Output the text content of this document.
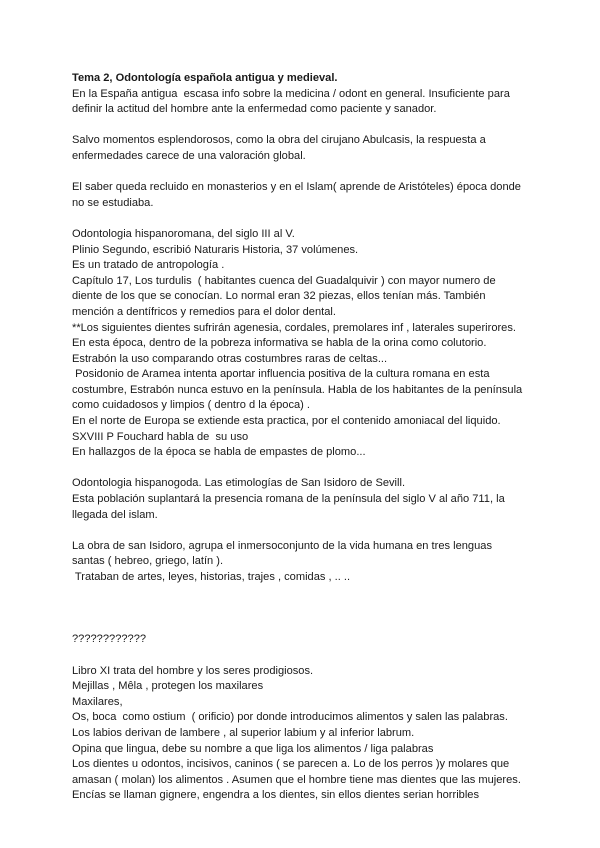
Tema 2, Odontología española antigua y medieval.
En la España antigua  escasa info sobre la medicina / odont en general. Insuficiente para
definir la actitud del hombre ante la enfermedad como paciente y sanador.
Salvo momentos esplendorosos, como la obra del cirujano Abulcasis, la respuesta a
enfermedades carece de una valoración global.
El saber queda recluido en monasterios y en el Islam( aprende de Aristóteles) época donde
no se estudiaba.
Odontologia hispanoromana, del siglo III al V.
Plinio Segundo, escribió Naturaris Historia, 37 volúmenes.
Es un tratado de antropología .
Capítulo 17, Los turdulis  ( habitantes cuenca del Guadalquivir ) con mayor numero de
diente de los que se conocían. Lo normal eran 32 piezas, ellos tenían más. También
mención a dentífricos y remedios para el dolor dental.
**Los siguientes dientes sufrirán agenesia, cordales, premolares inf , laterales superirores.
En esta época, dentro de la pobreza informativa se habla de la orina como colutorio.
Estrabón la uso comparando otras costumbres raras de celtas...
Posidonio de Aramea intenta aportar influencia positiva de la cultura romana en esta
costumbre, Estrabón nunca estuvo en la península. Habla de los habitantes de la península
como cuidadosos y limpios ( dentro d la época) .
En el norte de Europa se extiende esta practica, por el contenido amoniacal del liquido.
SXVIII P Fouchard habla de  su uso
En hallazgos de la época se habla de empastes de plomo...
Odontologia hispanogoda. Las etimologías de San Isidoro de Sevill.
Esta población suplantará la presencia romana de la península del siglo V al año 711, la
llegada del islam.
La obra de san Isidoro, agrupa el inmersoconjunto de la vida humana en tres lenguas
santas ( hebreo, griego, latín ).
Trataban de artes, leyes, historias, trajes , comidas , .. ..
????????????
Libro XI trata del hombre y los seres prodigiosos.
Mejillas , Mêla , protegen los maxilares
Maxilares,
Os, boca  como ostium  ( orificio) por donde introducimos alimentos y salen las palabras.
Los labios derivan de lambere , al superior labium y al inferior labrum.
Opina que lingua, debe su nombre a que liga los alimentos / liga palabras
Los dientes u odontos, incisivos, caninos ( se parecen a. Lo de los perros )y molares que
amasan ( molan) los alimentos . Asumen que el hombre tiene mas dientes que las mujeres.
Encías se llaman gignere, engendra a los dientes, sin ellos dientes serian horribles
